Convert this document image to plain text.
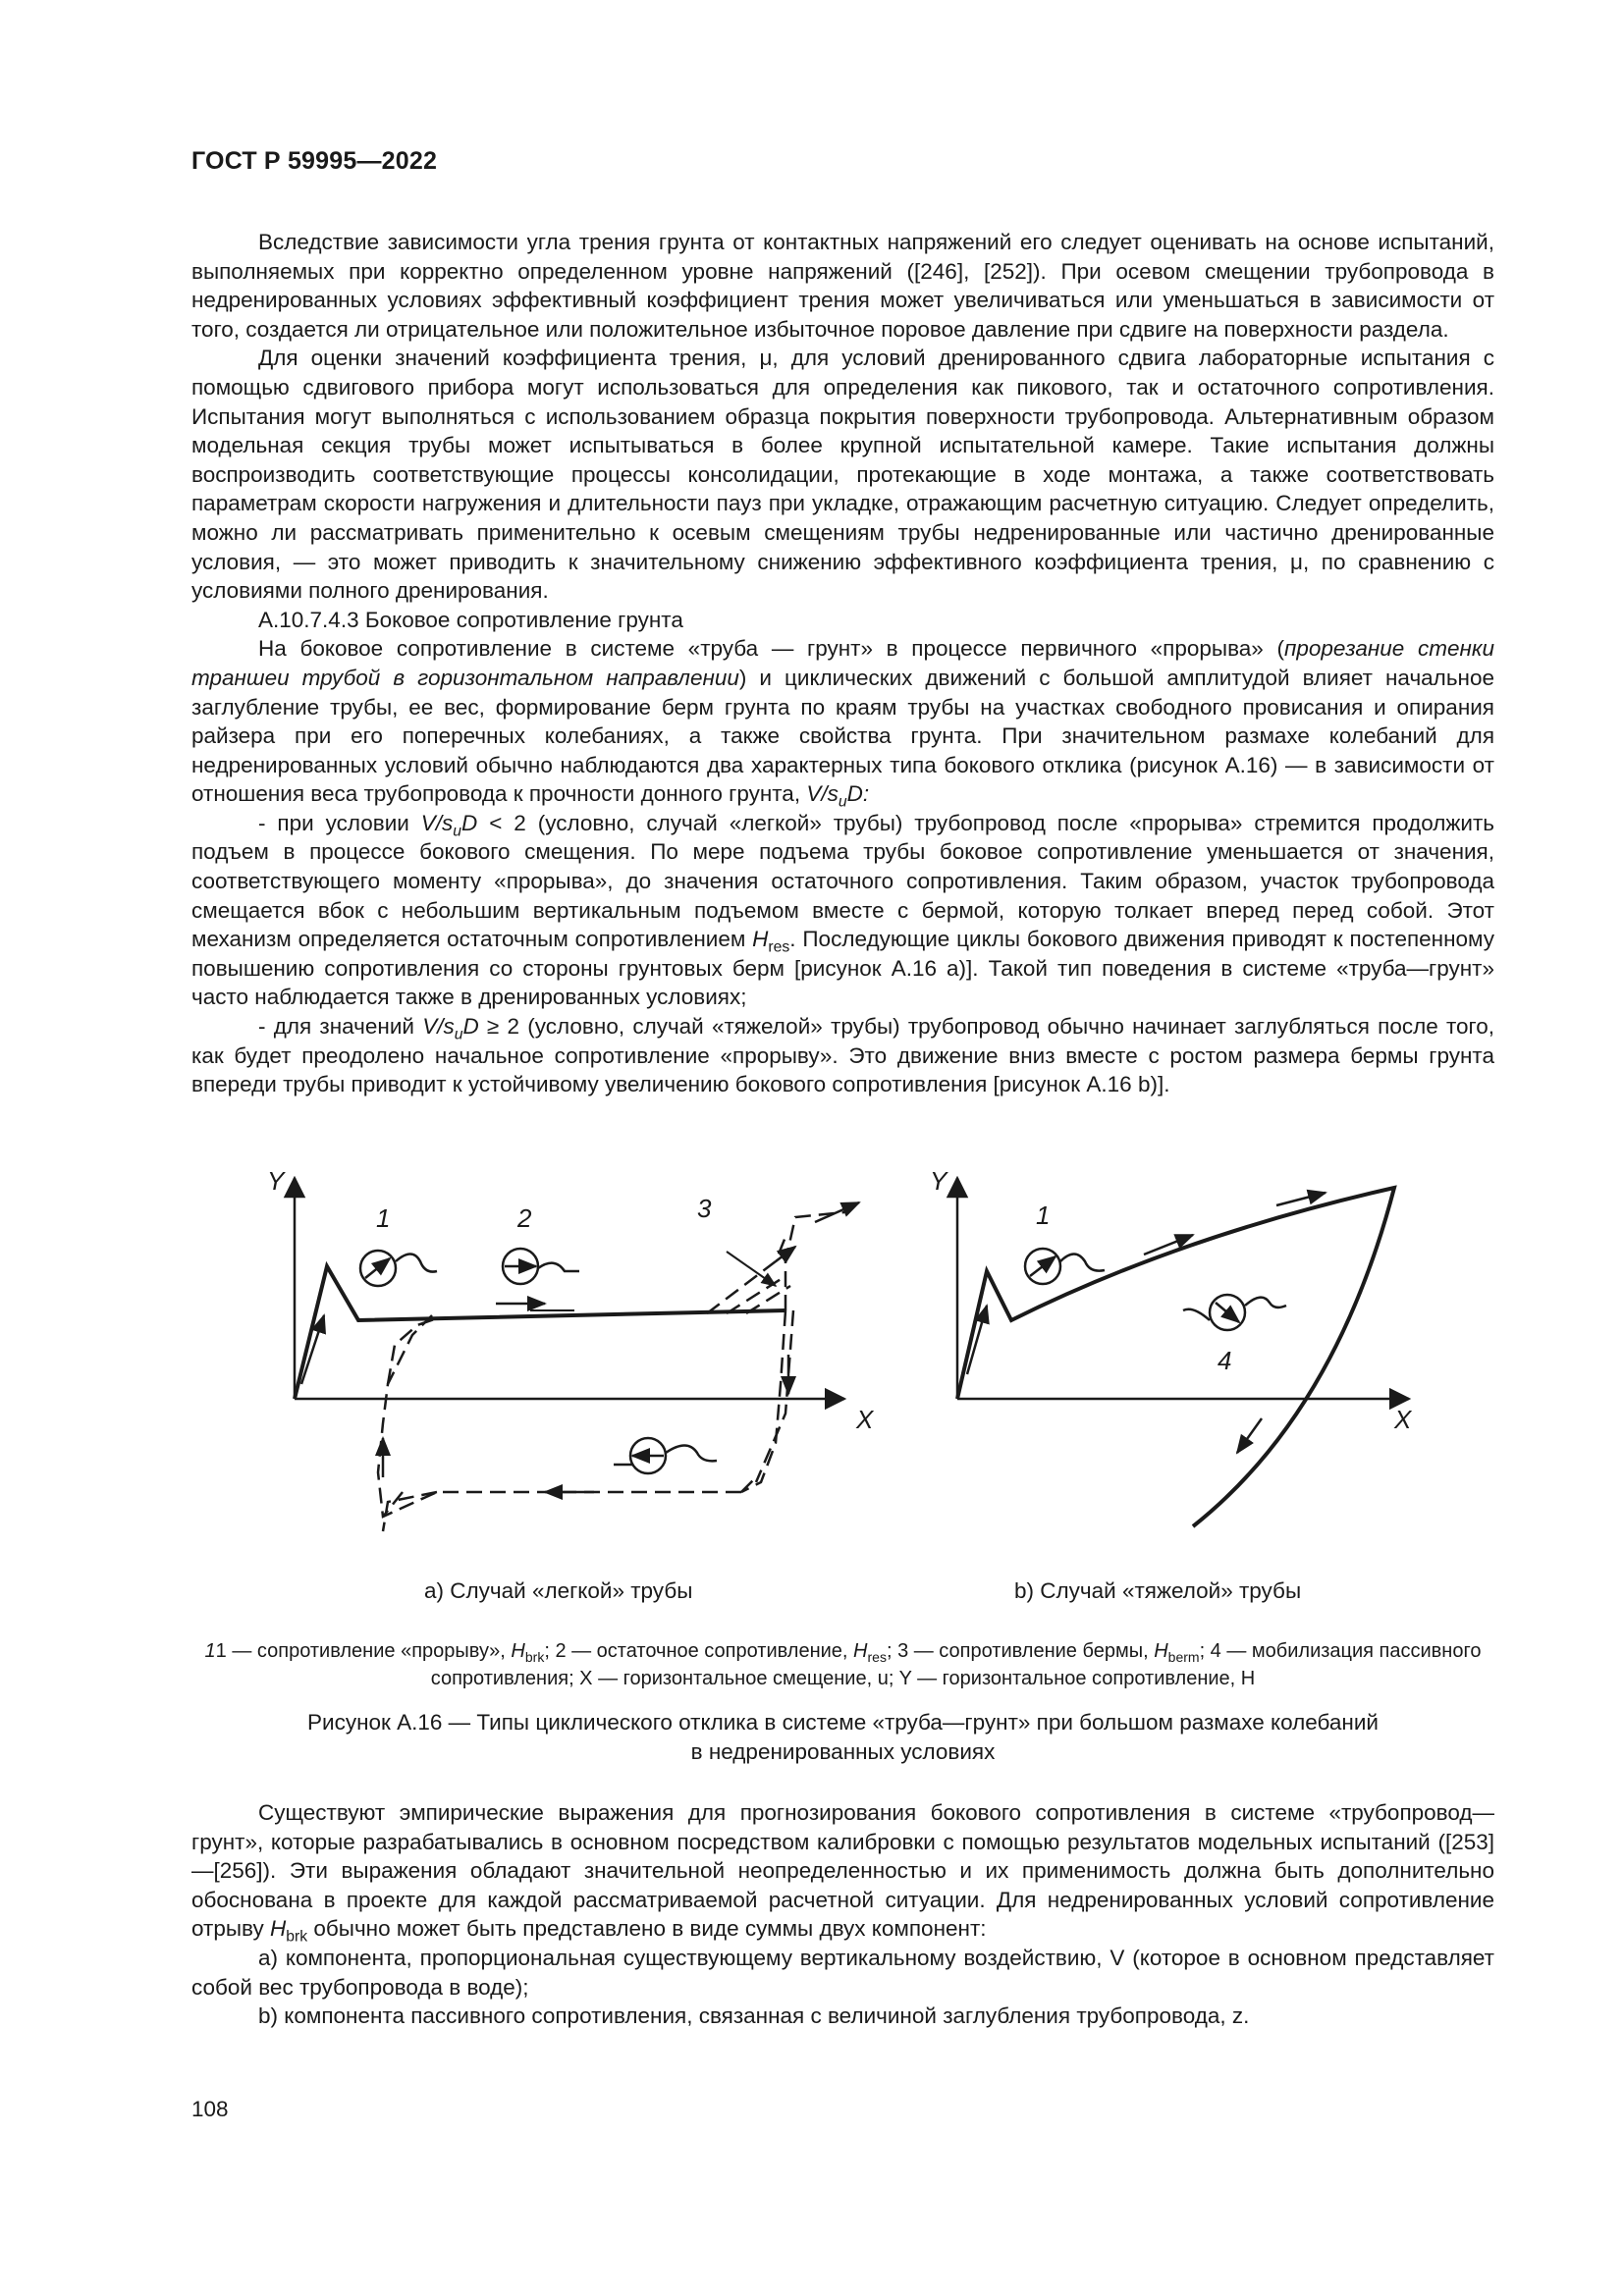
ГОСТ Р 59995—2022

Вследствие зависимости угла трения грунта от контактных напряжений его следует оценивать на основе испытаний, выполняемых при корректно определенном уровне напряжений ([246], [252]). При осевом смещении трубопровода в недренированных условиях эффективный коэффициент трения может увеличиваться или уменьшаться в зависимости от того, создается ли отрицательное или положительное избыточное поровое давление при сдвиге на поверхности раздела.

Для оценки значений коэффициента трения, μ, для условий дренированного сдвига лабораторные испытания с помощью сдвигового прибора могут использоваться для определения как пикового, так и остаточного сопротивления. Испытания могут выполняться с использованием образца покрытия поверхности трубопровода. Альтернативным образом модельная секция трубы может испытываться в более крупной испытательной камере. Такие испытания должны воспроизводить соответствующие процессы консолидации, протекающие в ходе монтажа, а также соответствовать параметрам скорости нагружения и длительности пауз при укладке, отражающим расчетную ситуацию. Следует определить, можно ли рассматривать применительно к осевым смещениям трубы недренированные или частично дренированные условия, — это может приводить к значительному снижению эффективного коэффициента трения, μ, по сравнению с условиями полного дренирования.

А.10.7.4.3 Боковое сопротивление грунта

На боковое сопротивление в системе «труба — грунт» в процессе первичного «прорыва» (прорезание стенки траншеи трубой в горизонтальном направлении) и циклических движений с большой амплитудой влияет начальное заглубление трубы, ее вес, формирование берм грунта по краям трубы на участках свободного провисания и опирания райзера при его поперечных колебаниях, а также свойства грунта. При значительном размахе колебаний для недренированных условий обычно наблюдаются два характерных типа бокового отклика (рисунок А.16) — в зависимости от отношения веса трубопровода к прочности донного грунта, $V/s_uD$:

- при условии $V/s_uD < 2$ (условно, случай «легкой» трубы) трубопровод после «прорыва» стремится продолжить подъем в процессе бокового смещения. По мере подъема трубы боковое сопротивление уменьшается от значения, соответствующего моменту «прорыва», до значения остаточного сопротивления. Таким образом, участок трубопровода смещается вбок с небольшим вертикальным подъемом вместе с бермой, которую толкает вперед перед собой. Этот механизм определяется остаточным сопротивлением $H_{res}$. Последующие циклы бокового движения приводят к постепенному повышению сопротивления со стороны грунтовых берм [рисунок А.16 а)]. Такой тип поведения в системе «труба—грунт» часто наблюдается также в дренированных условиях;

- для значений $V/s_uD \ge 2$ (условно, случай «тяжелой» трубы) трубопровод обычно начинает заглубляться после того, как будет преодолено начальное сопротивление «прорыву». Это движение вниз вместе с ростом размера бермы грунта впереди трубы приводит к устойчивому увеличению бокового сопротивления [рисунок А.16 b)].

Y
X
1	2	3
Y
X
1
4
а) Случай «легкой» трубы	b) Случай «тяжелой» трубы
11 — сопротивление «прорыву», $H_{brk}$; 2 — остаточное сопротивление, $H_{res}$; 3 — сопротивление бермы, $H_{berm}$; 4 — мобилизация пассивного сопротивления; X — горизонтальное смещение, u; Y — горизонтальное сопротивление, H
Рисунок А.16 — Типы циклического отклика в системе «труба—грунт» при большом размахе колебаний
в недренированных условиях

Существуют эмпирические выражения для прогнозирования бокового сопротивления в системе «трубопровод— грунт», которые разрабатывались в основном посредством калибровки с помощью результатов модельных испытаний ([253]—[256]). Эти выражения обладают значительной неопределенностью и их применимость должна быть дополнительно обоснована в проекте для каждой рассматриваемой расчетной ситуации. Для недренированных условий сопротивление отрыву $H_{brk}$ обычно может быть представлено в виде суммы двух компонент:

a) компонента, пропорциональная существующему вертикальному воздействию, V (которое в основном представляет собой вес трубопровода в воде);

b) компонента пассивного сопротивления, связанная с величиной заглубления трубопровода, z.

108
